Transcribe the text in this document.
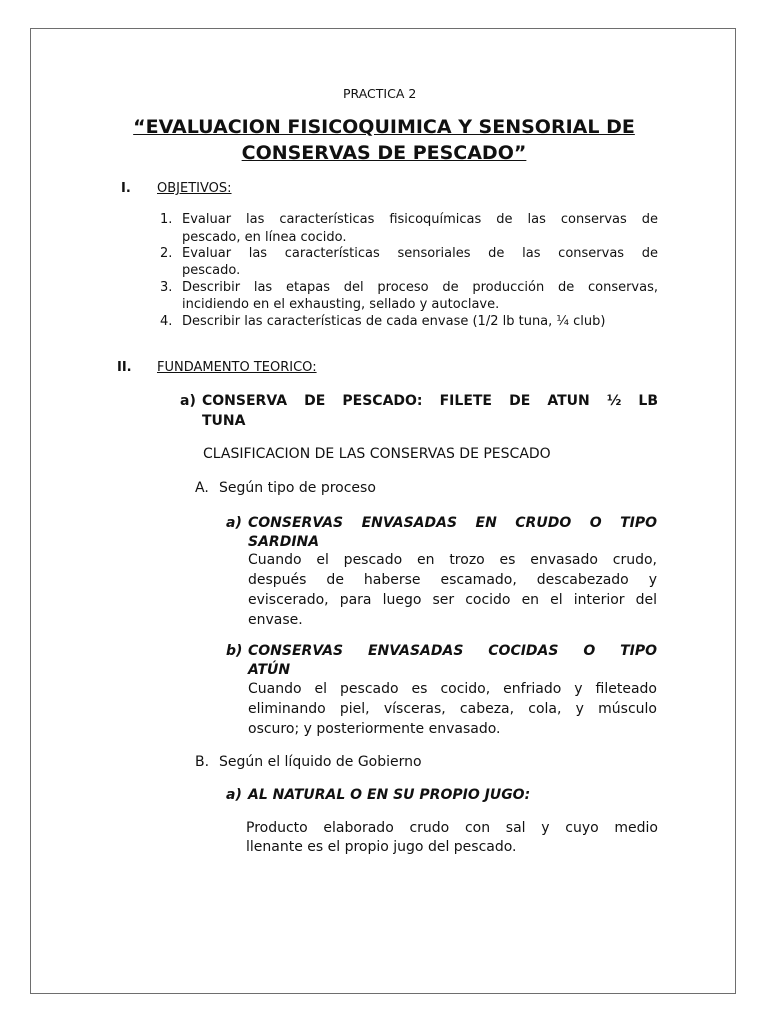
PRACTICA 2
“EVALUACION FISICOQUIMICA Y SENSORIAL DE
CONSERVAS DE PESCADO”
I. OBJETIVOS:
1. Evaluar las características fisicoquímicas de las conservas de
pescado, en línea cocido.
2. Evaluar las características sensoriales de las conservas de
pescado.
3. Describir las etapas del proceso de producción de conservas,
incidiendo en el exhausting, sellado y autoclave.
4. Describir las características de cada envase (1/2 lb tuna, ¼ club)
II. FUNDAMENTO TEORICO:
a) CONSERVA DE PESCADO: FILETE DE ATUN ½ LB
TUNA
CLASIFICACION DE LAS CONSERVAS DE PESCADO
A. Según tipo de proceso
a) CONSERVAS ENVASADAS EN CRUDO O TIPO
SARDINA
Cuando el pescado en trozo es envasado crudo,
después de haberse escamado, descabezado y
eviscerado, para luego ser cocido en el interior del
envase.
b) CONSERVAS ENVASADAS COCIDAS O TIPO
ATÚN
Cuando el pescado es cocido, enfriado y fileteado
eliminando piel, vísceras, cabeza, cola, y músculo
oscuro; y posteriormente envasado.
B. Según el líquido de Gobierno
a) AL NATURAL O EN SU PROPIO JUGO:
Producto elaborado crudo con sal y cuyo medio
llenante es el propio jugo del pescado.
